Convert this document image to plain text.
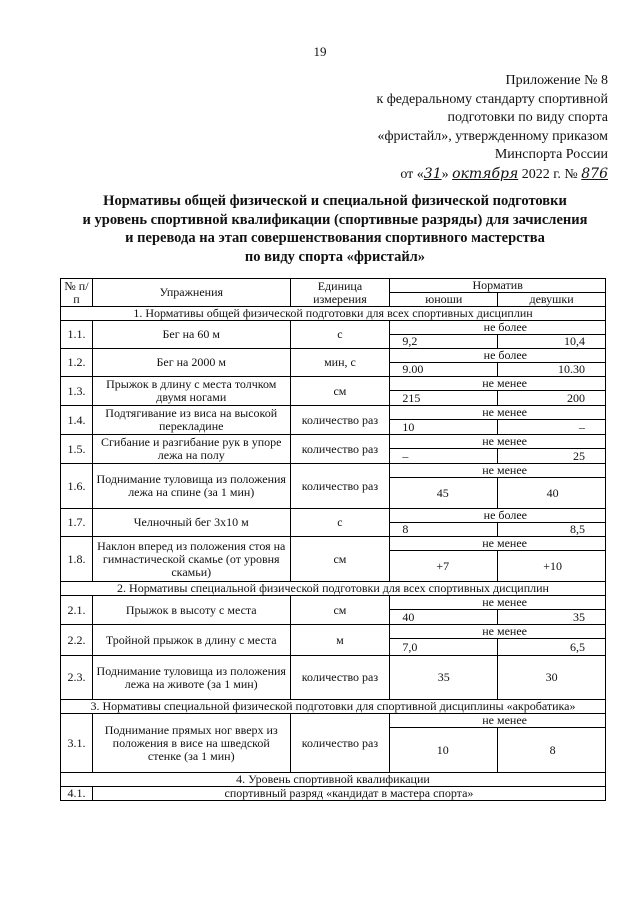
19
Приложение № 8
к федеральному стандарту спортивной
подготовки по виду спорта
«фристайл», утвержденному приказом
Минспорта России
от «31» октября 2022 г. № 876
Нормативы общей физической и специальной физической подготовки
и уровень спортивной квалификации (спортивные разряды) для зачисления
и перевода на этап совершенствования спортивного мастерства
по виду спорта «фристайл»
№ п/п	Упражнения	Единица измерения	Норматив	
			юноши	девушки
1. Нормативы общей физической подготовки для всех спортивных дисциплин				
1.1.	Бег на 60 м	с	не более	
			9,2	10,4
1.2.	Бег на 2000 м	мин, с	не более	
			9.00	10.30
1.3.	Прыжок в длину с места толчком двумя ногами	см	не менее	
			215	200
1.4.	Подтягивание из виса на высокой перекладине	количество раз	не менее	
			10	–
1.5.	Сгибание и разгибание рук в упоре лежа на полу	количество раз	не менее	
			–	25
1.6.	Поднимание туловища из положения лежа на спине (за 1 мин)	количество раз	не менее	
			45	40
1.7.	Челночный бег 3х10 м	с	не более	
			8	8,5
1.8.	Наклон вперед из положения стоя на гимнастической скамье (от уровня скамьи)	см	не менее	
			+7	+10
2. Нормативы специальной физической подготовки для всех спортивных дисциплин				
2.1.	Прыжок в высоту с места	см	не менее	
			40	35
2.2.	Тройной прыжок в длину с места	м	не менее	
			7,0	6,5
2.3.	Поднимание туловища из положения лежа на животе (за 1 мин)	количество раз	35	30
3. Нормативы специальной физической подготовки для спортивной дисциплины «акробатика»				
3.1.	Поднимание прямых ног вверх из положения в висе на шведской стенке (за 1 мин)	количество раз	не менее	
			10	8
4. Уровень спортивной квалификации				
4.1.	спортивный разряд «кандидат в мастера спорта»			
